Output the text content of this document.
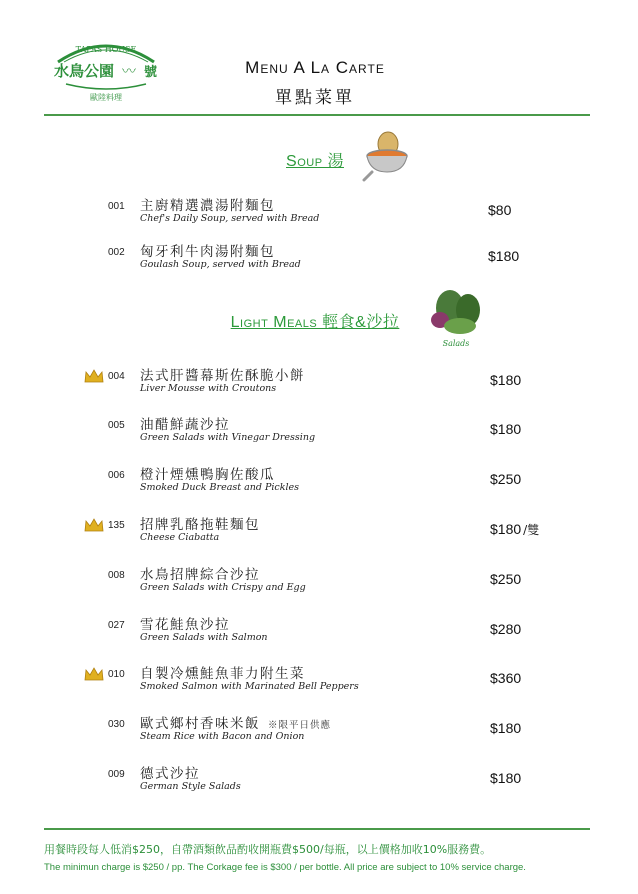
TAPAS HOUSE
水鳥公園 〰 號
歐陸料理
Menu A La Carte
單點菜單
Soup 湯
001 主廚精選濃湯附麵包
Chef's Daily Soup, served with Bread
$80
002 匈牙利牛肉湯附麵包
Goulash Soup, served with Bread
$180
Light Meals 輕食&沙拉
Salads
004 法式肝醬幕斯佐酥脆小餅
Liver Mousse with Croutons
$180
005 油醋鮮蔬沙拉
Green Salads with Vinegar Dressing
$180
006 橙汁煙燻鴨胸佐酸瓜
Smoked Duck Breast and Pickles
$250
135 招牌乳酪拖鞋麵包
Cheese Ciabatta
$180 /雙
008 水鳥招牌綜合沙拉
Green Salads with Crispy and Egg
$250
027 雪花鮭魚沙拉
Green Salads with Salmon
$280
010 自製冷燻鮭魚菲力附生菜
Smoked Salmon with Marinated Bell Peppers
$360
030 歐式鄉村香味米飯 ※限平日供應
Steam Rice with Bacon and Onion
$180
009 德式沙拉
German Style Salads
$180
用餐時段每人低消$250，自帶酒類飲品酌收開瓶費$500/每瓶，以上價格加收10%服務費。
The minimun charge is $250 / pp. The Corkage fee is $300 / per bottle. All price are subject to 10% service charge.
